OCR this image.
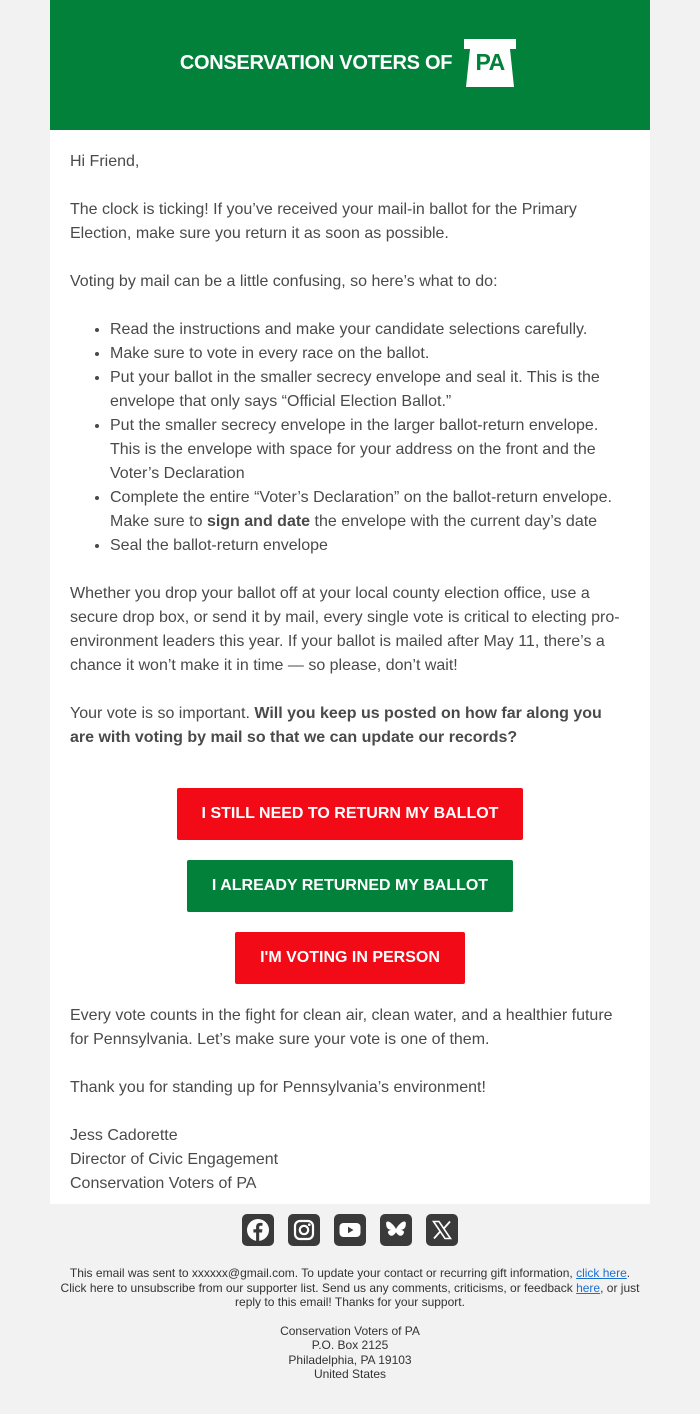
CONSERVATION VOTERS OF	PA

Hi Friend,

The clock is ticking! If you’ve received your mail-in ballot for the Primary Election, make sure you return it as soon as possible.

Voting by mail can be a little confusing, so here’s what to do:

• Read the instructions and make your candidate selections carefully.
• Make sure to vote in every race on the ballot.
• Put your ballot in the smaller secrecy envelope and seal it. This is the envelope that only says “Official Election Ballot.”
• Put the smaller secrecy envelope in the larger ballot-return envelope. This is the envelope with space for your address on the front and the Voter’s Declaration
• Complete the entire “Voter’s Declaration” on the ballot-return envelope. Make sure to sign and date the envelope with the current day’s date
• Seal the ballot-return envelope

Whether you drop your ballot off at your local county election office, use a secure drop box, or send it by mail, every single vote is critical to electing pro-environment leaders this year. If your ballot is mailed after May 11, there’s a chance it won’t make it in time — so please, don’t wait!

Your vote is so important. Will you keep us posted on how far along you are with voting by mail so that we can update our records?

I STILL NEED TO RETURN MY BALLOT
I ALREADY RETURNED MY BALLOT
I'M VOTING IN PERSON

Every vote counts in the fight for clean air, clean water, and a healthier future for Pennsylvania. Let’s make sure your vote is one of them.

Thank you for standing up for Pennsylvania’s environment!

Jess Cadorette

Director of Civic Engagement

Conservation Voters of PA

This email was sent to xxxxxx@gmail.com. To update your contact or recurring gift information, click here.
Click here to unsubscribe from our supporter list. Send us any comments, criticisms, or feedback here, or just reply to this email! Thanks for your support.

Conservation Voters of PA
P.O. Box 2125
Philadelphia, PA 19103
United States
